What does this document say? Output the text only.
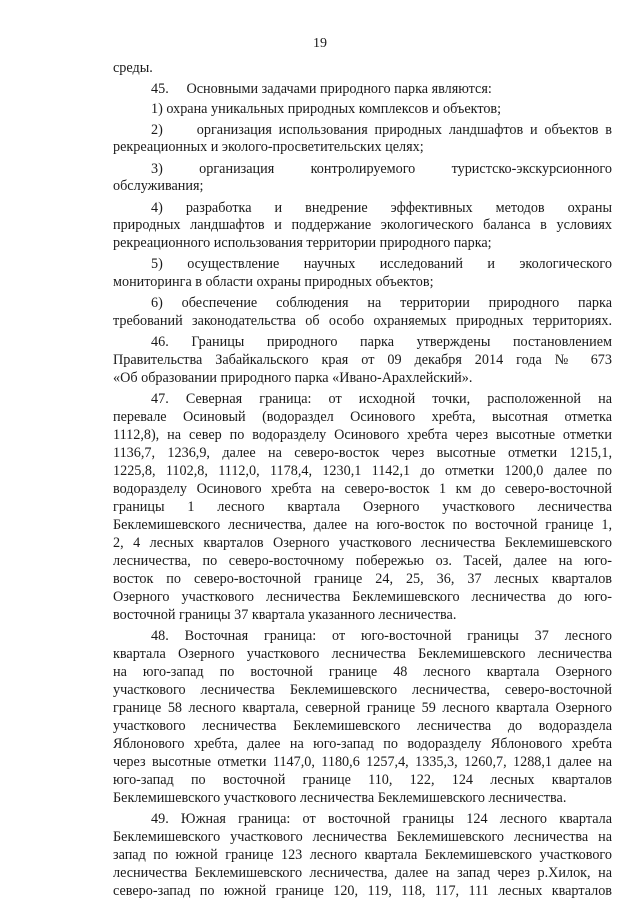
19
среды.
45.     Основными задачами природного парка являются:
1) охрана уникальных природных комплексов и объектов;
2)     организация использования природных ландшафтов и объектов в
рекреационных и эколого-просветительских целях;
3) организация контролируемого туристско-экскурсионного
обслуживания;
4) разработка и внедрение эффективных методов охраны
природных ландшафтов и поддержание экологического баланса в условиях
рекреационного использования территории природного парка;
5) осуществление научных исследований и экологического
мониторинга в области охраны природных объектов;
6) обеспечение соблюдения на территории природного парка
требований законодательства об особо охраняемых природных территориях.
46. Границы природного парка утверждены постановлением
Правительства Забайкальского края от 09 декабря 2014 года № 673
«Об образовании природного парка «Ивано-Арахлейский».
47. Северная граница: от исходной точки, расположенной на
перевале Осиновый (водораздел Осинового хребта, высотная отметка
1112,8), на север по водоразделу Осинового хребта через высотные отметки
1136,7, 1236,9, далее на северо-восток через высотные отметки 1215,1,
1225,8, 1102,8, 1112,0, 1178,4, 1230,1 1142,1 до отметки 1200,0 далее по
водоразделу Осинового хребта на северо-восток 1 км до северо-восточной
границы 1 лесного квартала Озерного участкового лесничества
Беклемишевского лесничества, далее на юго-восток по восточной границе 1,
2, 4 лесных кварталов Озерного участкового лесничества Беклемишевского
лесничества, по северо-восточному побережью оз. Тасей, далее на юго-
восток по северо-восточной границе 24, 25, 36, 37 лесных кварталов
Озерного участкового лесничества Беклемишевского лесничества до юго-
восточной границы 37 квартала указанного лесничества.
48. Восточная граница: от юго-восточной границы 37 лесного
квартала Озерного участкового лесничества Беклемишевского лесничества
на юго-запад по восточной границе 48 лесного квартала Озерного
участкового лесничества Беклемишевского лесничества, северо-восточной
границе 58 лесного квартала, северной границе 59 лесного квартала Озерного
участкового лесничества Беклемишевского лесничества до водораздела
Яблонового хребта, далее на юго-запад по водоразделу Яблонового хребта
через высотные отметки 1147,0, 1180,6 1257,4, 1335,3, 1260,7, 1288,1 далее на
юго-запад по восточной границе 110, 122, 124 лесных кварталов
Беклемишевского участкового лесничества Беклемишевского лесничества.
49. Южная граница: от восточной границы 124 лесного квартала
Беклемишевского участкового лесничества Беклемишевского лесничества на
запад по южной границе 123 лесного квартала Беклемишевского участкового
лесничества Беклемишевского лесничества, далее на запад через р.Хилок, на
северо-запад по южной границе 120, 119, 118, 117, 111 лесных кварталов
